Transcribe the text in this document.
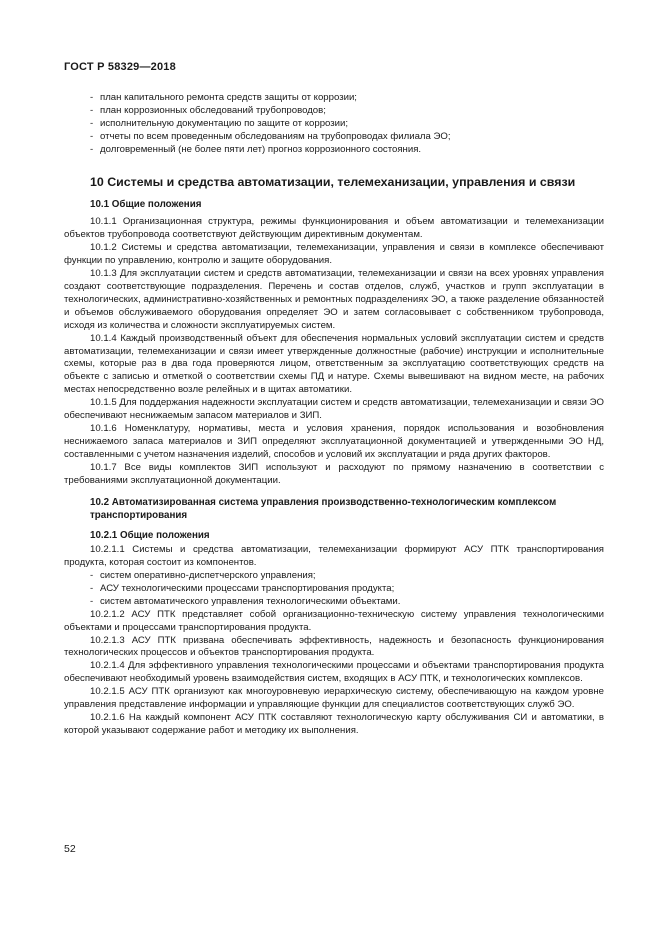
ГОСТ Р 58329—2018
- план капитального ремонта средств защиты от коррозии;
- план коррозионных обследований трубопроводов;
- исполнительную документацию по защите от коррозии;
- отчеты по всем проведенным обследованиям на трубопроводах филиала ЭО;
- долговременный (не более пяти лет) прогноз коррозионного состояния.
10 Системы и средства автоматизации, телемеханизации, управления и связи
10.1 Общие положения

10.1.1 Организационная структура, режимы функционирования и объем автоматизации и телемеханизации объектов трубопровода соответствуют действующим директивным документам.

10.1.2 Системы и средства автоматизации, телемеханизации, управления и связи в комплексе обеспечивают функции по управлению, контролю и защите оборудования.

10.1.3 Для эксплуатации систем и средств автоматизации, телемеханизации и связи на всех уровнях управления создают соответствующие подразделения. Перечень и состав отделов, служб, участков и групп эксплуатации в технологических, административно-хозяйственных и ремонтных подразделениях ЭО, а также разделение обязанностей и объемов обслуживаемого оборудования определяет ЭО и затем согласовывает с собственником трубопровода, исходя из количества и сложности эксплуатируемых систем.

10.1.4 Каждый производственный объект для обеспечения нормальных условий эксплуатации систем и средств автоматизации, телемеханизации и связи имеет утвержденные должностные (рабочие) инструкции и исполнительные схемы, которые раз в два года проверяются лицом, ответственным за эксплуатацию соответствующих средств на объекте с записью и отметкой о соответствии схемы ПД и натуре. Схемы вывешивают на видном месте, на рабочих местах непосредственно возле релейных и в щитах автоматики.

10.1.5 Для поддержания надежности эксплуатации систем и средств автоматизации, телемеханизации и связи ЭО обеспечивают неснижаемым запасом материалов и ЗИП.

10.1.6 Номенклатуру, нормативы, места и условия хранения, порядок использования и возобновления неснижаемого запаса материалов и ЗИП определяют эксплуатационной документацией и утвержденными ЭО НД, составленными с учетом назначения изделий, способов и условий их эксплуатации и ряда других факторов.

10.1.7 Все виды комплектов ЗИП используют и расходуют по прямому назначению в соответствии с требованиями эксплуатационной документации.

10.2 Автоматизированная система управления производственно-технологическим комплексом транспортирования
10.2.1 Общие положения

10.2.1.1 Системы и средства автоматизации, телемеханизации формируют АСУ ПТК транспортирования продукта, которая состоит из компонентов.

- систем оперативно-диспетчерского управления;
- АСУ технологическими процессами транспортирования продукта;
- систем автоматического управления технологическими объектами.

10.2.1.2 АСУ ПТК представляет собой организационно-техническую систему управления технологическими объектами и процессами транспортирования продукта.

10.2.1.3 АСУ ПТК призвана обеспечивать эффективность, надежность и безопасность функционирования технологических процессов и объектов транспортирования продукта.

10.2.1.4 Для эффективного управления технологическими процессами и объектами транспортирования продукта обеспечивают необходимый уровень взаимодействия систем, входящих в АСУ ПТК, и технологических комплексов.

10.2.1.5 АСУ ПТК организуют как многоуровневую иерархическую систему, обеспечивающую на каждом уровне управления представление информации и управляющие функции для специалистов соответствующих служб ЭО.

10.2.1.6 На каждый компонент АСУ ПТК составляют технологическую карту обслуживания СИ и автоматики, в которой указывают содержание работ и методику их выполнения.

52
